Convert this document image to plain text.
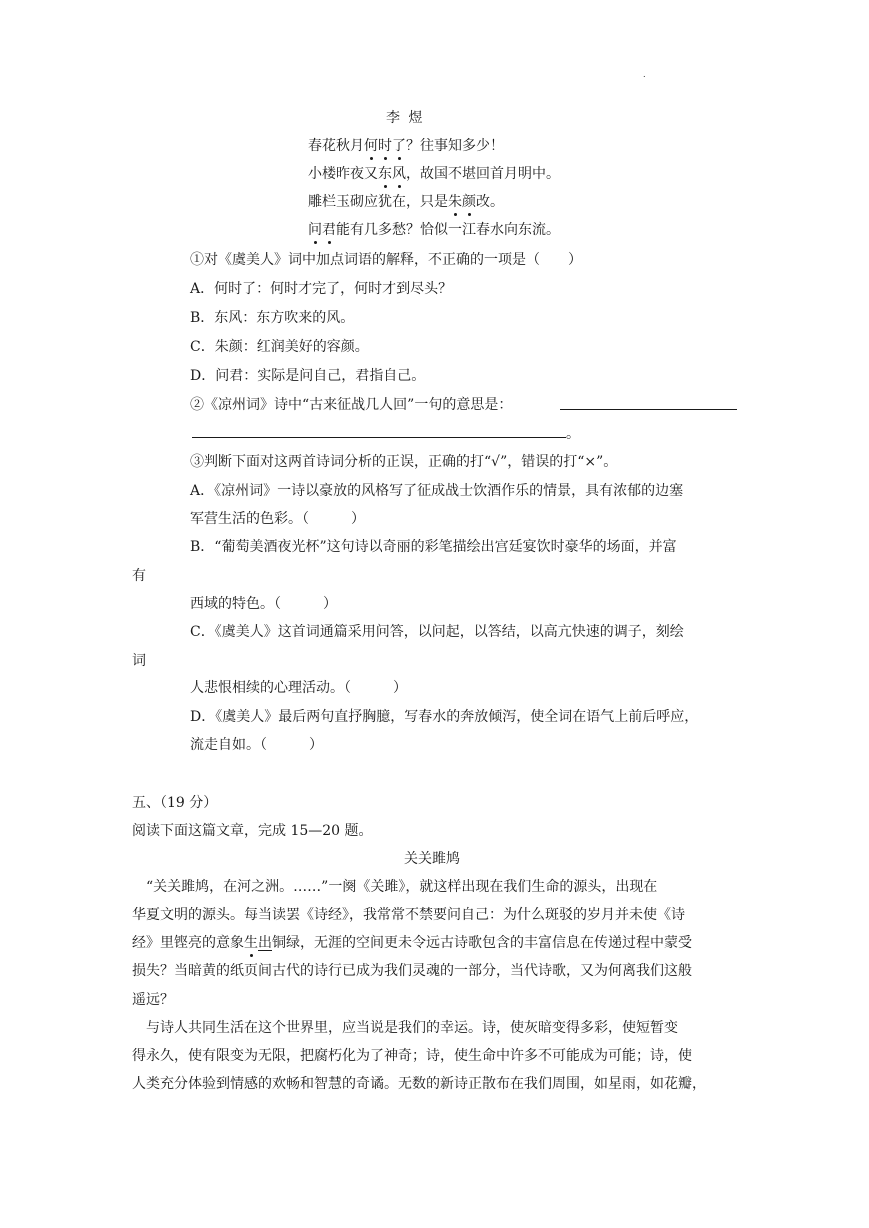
.
李 煜
春花秋月何时了？往事知多少！
小楼昨夜又东风，故国不堪回首月明中。
雕栏玉砌应犹在，只是朱颜改。
问君能有几多愁？恰似一江春水向东流。
①对《虞美人》词中加点词语的解释，不正确的一项是（　　）
A．何时了：何时才完了，何时才到尽头？
B．东风：东方吹来的风。
C．朱颜：红润美好的容颜。
D．问君：实际是问自己，君指自己。
②《凉州词》诗中“古来征战几人回”一句的意思是：
。
③判断下面对这两首诗词分析的正误，正确的打“√”，错误的打“×”。
A．《凉州词》一诗以豪放的风格写了征成战士饮酒作乐的情景，具有浓郁的边塞
军营生活的色彩。（　　　）
B．“葡萄美酒夜光杯”这句诗以奇丽的彩笔描绘出宫廷宴饮时豪华的场面，并富
有
西域的特色。（　　　）
C．《虞美人》这首词通篇采用问答，以问起，以答结，以高亢快速的调子，刻绘
词
人悲恨相续的心理活动。（　　　）
D．《虞美人》最后两句直抒胸臆，写春水的奔放倾泻，使全词在语气上前后呼应，
流走自如。（　　　）
五、（19 分）
阅读下面这篇文章，完成 15—20 题。
关关雎鸠
“关关雎鸠，在河之洲。……”一阕《关雎》，就这样出现在我们生命的源头，出现在
华夏文明的源头。每当读罢《诗经》，我常常不禁要问自己：为什么斑驳的岁月并未使《诗
经》里铿亮的意象生出铜绿，无涯的空间更未令远古诗歌包含的丰富信息在传递过程中蒙受
损失？当暗黄的纸页间古代的诗行已成为我们灵魂的一部分，当代诗歌，又为何离我们这般
遥远？
与诗人共同生活在这个世界里，应当说是我们的幸运。诗，使灰暗变得多彩，使短暂变
得永久，使有限变为无限，把腐朽化为了神奇；诗，使生命中许多不可能成为可能；诗，使
人类充分体验到情感的欢畅和智慧的奇谲。无数的新诗正散布在我们周围，如星雨，如花瓣，
